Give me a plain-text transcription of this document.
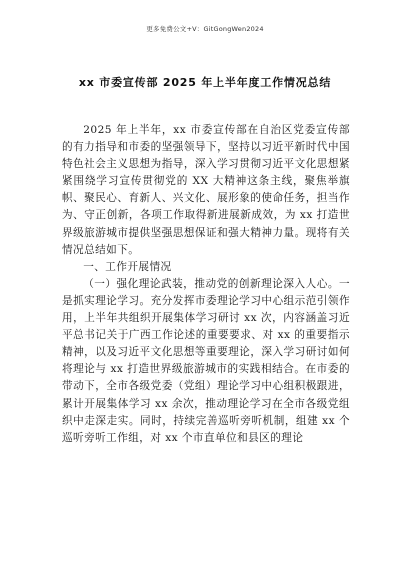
更多免费公文+V：GitGongWen2024
xx 市委宣传部 2025 年上半年度工作情况总结

2025 年上半年，xx 市委宣传部在自治区党委宣传部的有力指导和市委的坚强领导下，坚持以习近平新时代中国特色社会主义思想为指导，深入学习贯彻习近平文化思想紧紧围绕学习宣传贯彻党的 XX 大精神这条主线，聚焦举旗帜、聚民心、育新人、兴文化、展形象的使命任务，担当作为、守正创新，各项工作取得新进展新成效，为 xx 打造世界级旅游城市提供坚强思想保证和强大精神力量。现将有关情况总结如下。

一、工作开展情况

（一）强化理论武装，推动党的创新理论深入人心。一是抓实理论学习。充分发挥市委理论学习中心组示范引领作用，上半年共组织开展集体学习研讨 xx 次，内容涵盖习近平总书记关于广西工作论述的重要要求、对 xx 的重要指示精神，以及习近平文化思想等重要理论，深入学习研讨如何将理论与 xx 打造世界级旅游城市的实践相结合。在市委的带动下，全市各级党委（党组）理论学习中心组积极跟进，累计开展集体学习 xx 余次，推动理论学习在全市各级党组织中走深走实。同时，持续完善巡听旁听机制，组建 xx 个巡听旁听工作组，对 xx 个市直单位和县区的理论
